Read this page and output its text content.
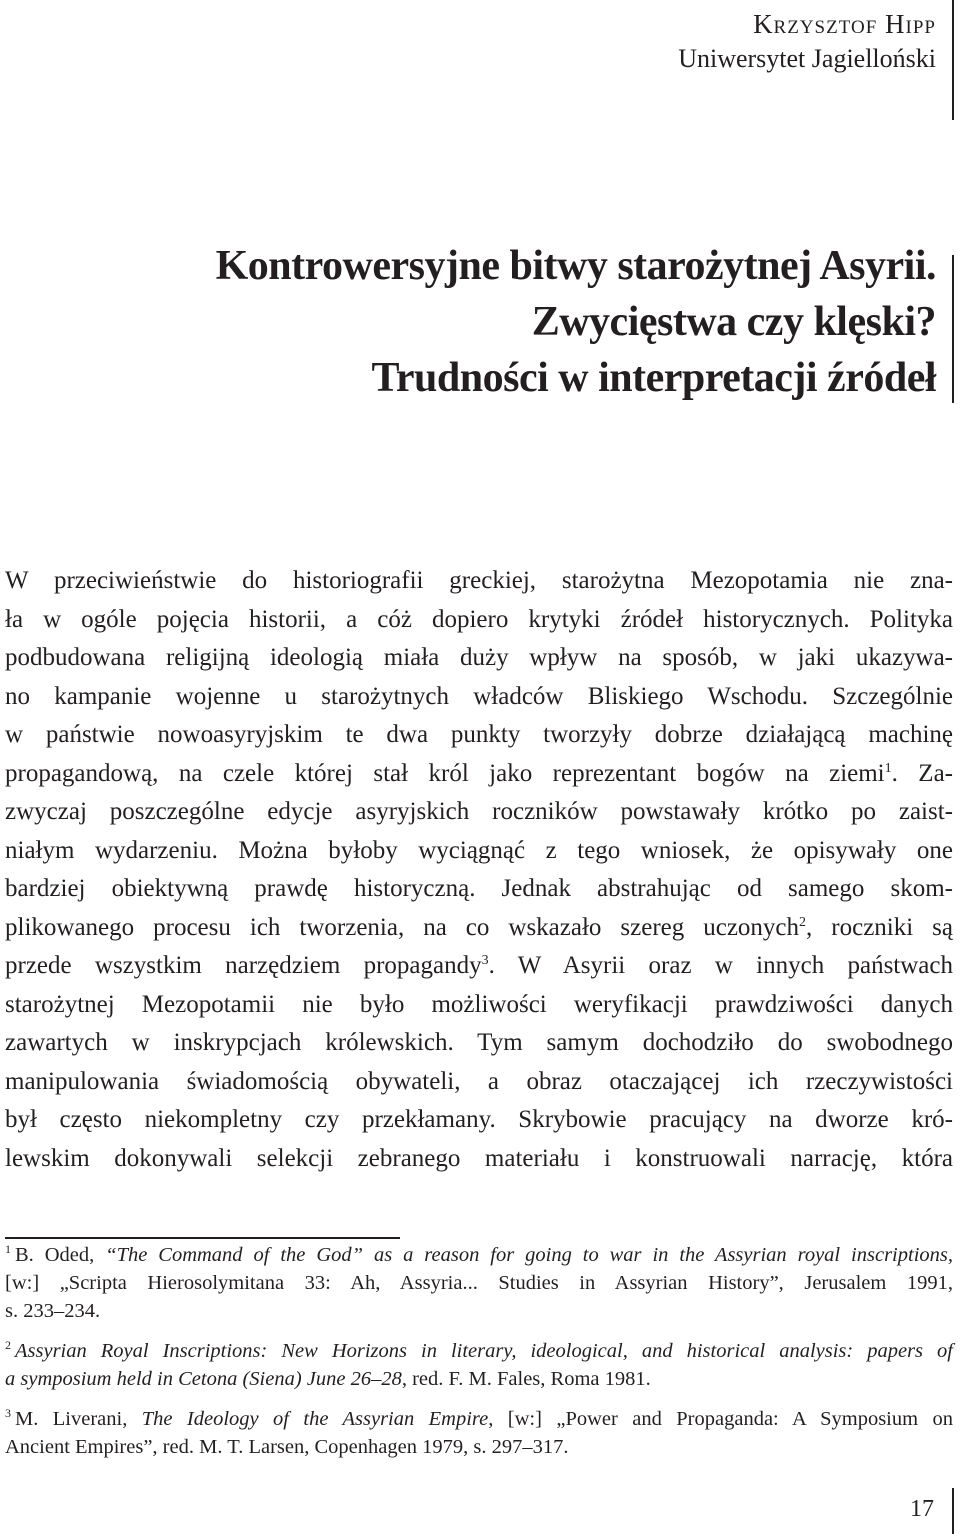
Krzysztof Hipp
Uniwersytet Jagielloński
Kontrowersyjne bitwy starożytnej Asyrii.
Zwycięstwa czy klęski?
Trudności w interpretacji źródeł
W przeciwieństwie do historiografii greckiej, starożytna Mezopotamia nie zna-
ła w ogóle pojęcia historii, a cóż dopiero krytyki źródeł historycznych. Polityka
podbudowana religijną ideologią miała duży wpływ na sposób, w jaki ukazywa-
no kampanie wojenne u starożytnych władców Bliskiego Wschodu. Szczególnie
w państwie nowoasyryjskim te dwa punkty tworzyły dobrze działającą machinę
propagandową, na czele której stał król jako reprezentant bogów na ziemi$^1$. Za-
zwyczaj poszczególne edycje asyryjskich roczników powstawały krótko po zaist-
niałym wydarzeniu. Można byłoby wyciągnąć z tego wniosek, że opisywały one
bardziej obiektywną prawdę historyczną. Jednak abstrahując od samego skom-
plikowanego procesu ich tworzenia, na co wskazało szereg uczonych$^2$, roczniki są
przede wszystkim narzędziem propagandy$^3$. W Asyrii oraz w innych państwach
starożytnej Mezopotamii nie było możliwości weryfikacji prawdziwości danych
zawartych w inskrypcjach królewskich. Tym samym dochodziło do swobodnego
manipulowania świadomością obywateli, a obraz otaczającej ich rzeczywistości
był często niekompletny czy przekłamany. Skrybowie pracujący na dworze kró-
lewskim dokonywali selekcji zebranego materiału i konstruowali narrację, która
$^1$ B. Oded, “The Command of the God” as a reason for going to war in the Assyrian royal inscriptions,
[w:] „Scripta Hierosolymitana 33: Ah, Assyria... Studies in Assyrian History”, Jerusalem 1991,
s. 233–234.
$^2$ Assyrian Royal Inscriptions: New Horizons in literary, ideological, and historical analysis: papers of
a symposium held in Cetona (Siena) June 26–28, red. F. M. Fales, Roma 1981.
$^3$ M. Liverani, The Ideology of the Assyrian Empire, [w:] „Power and Propaganda: A Symposium on
Ancient Empires”, red. M. T. Larsen, Copenhagen 1979, s. 297–317.
17
